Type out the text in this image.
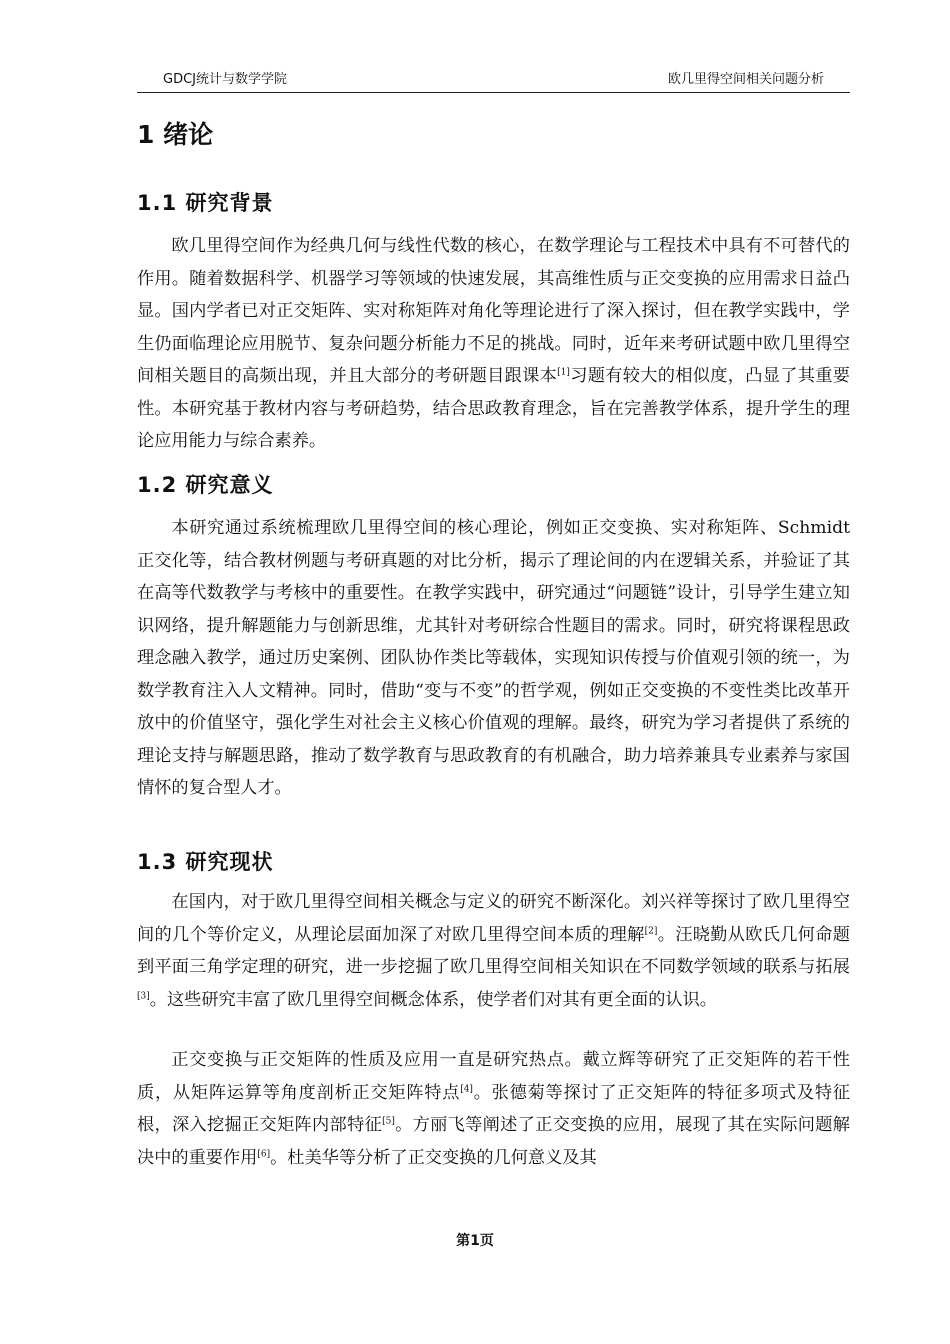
GDCJ统计与数学学院	欧几里得空间相关问题分析
1 绪论
1.1 研究背景

欧几里得空间作为经典几何与线性代数的核心，在数学理论与工程技术中具有不可替代的作用。随着数据科学、机器学习等领域的快速发展，其高维性质与正交变换的应用需求日益凸显。国内学者已对正交矩阵、实对称矩阵对角化等理论进行了深入探讨，但在教学实践中，学生仍面临理论应用脱节、复杂问题分析能力不足的挑战。同时，近年来考研试题中欧几里得空间相关题目的高频出现，并且大部分的考研题目跟课本[1]习题有较大的相似度，凸显了其重要性。本研究基于教材内容与考研趋势，结合思政教育理念，旨在完善教学体系，提升学生的理论应用能力与综合素养。

1.2 研究意义

本研究通过系统梳理欧几里得空间的核心理论，例如正交变换、实对称矩阵、Schmidt 正交化等，结合教材例题与考研真题的对比分析，揭示了理论间的内在逻辑关系，并验证了其在高等代数教学与考核中的重要性。在教学实践中，研究通过“问题链”设计，引导学生建立知识网络，提升解题能力与创新思维，尤其针对考研综合性题目的需求。同时，研究将课程思政理念融入教学，通过历史案例、团队协作类比等载体，实现知识传授与价值观引领的统一，为数学教育注入人文精神。同时，借助“变与不变”的哲学观，例如正交变换的不变性类比改革开放中的价值坚守，强化学生对社会主义核心价值观的理解。最终，研究为学习者提供了系统的理论支持与解题思路，推动了数学教育与思政教育的有机融合，助力培养兼具专业素养与家国情怀的复合型人才。

1.3 研究现状

在国内，对于欧几里得空间相关概念与定义的研究不断深化。刘兴祥等探讨了欧几里得空间的几个等价定义，从理论层面加深了对欧几里得空间本质的理解[2]。汪晓勤从欧氏几何命题到平面三角学定理的研究，进一步挖掘了欧几里得空间相关知识在不同数学领域的联系与拓展[3]。这些研究丰富了欧几里得空间概念体系，使学者们对其有更全面的认识。

正交变换与正交矩阵的性质及应用一直是研究热点。戴立辉等研究了正交矩阵的若干性质，从矩阵运算等角度剖析正交矩阵特点[4]。张德菊等探讨了正交矩阵的特征多项式及特征根，深入挖掘正交矩阵内部特征[5]。方丽飞等阐述了正交变换的应用，展现了其在实际问题解决中的重要作用[6]。杜美华等分析了正交变换的几何意义及其

第1页
